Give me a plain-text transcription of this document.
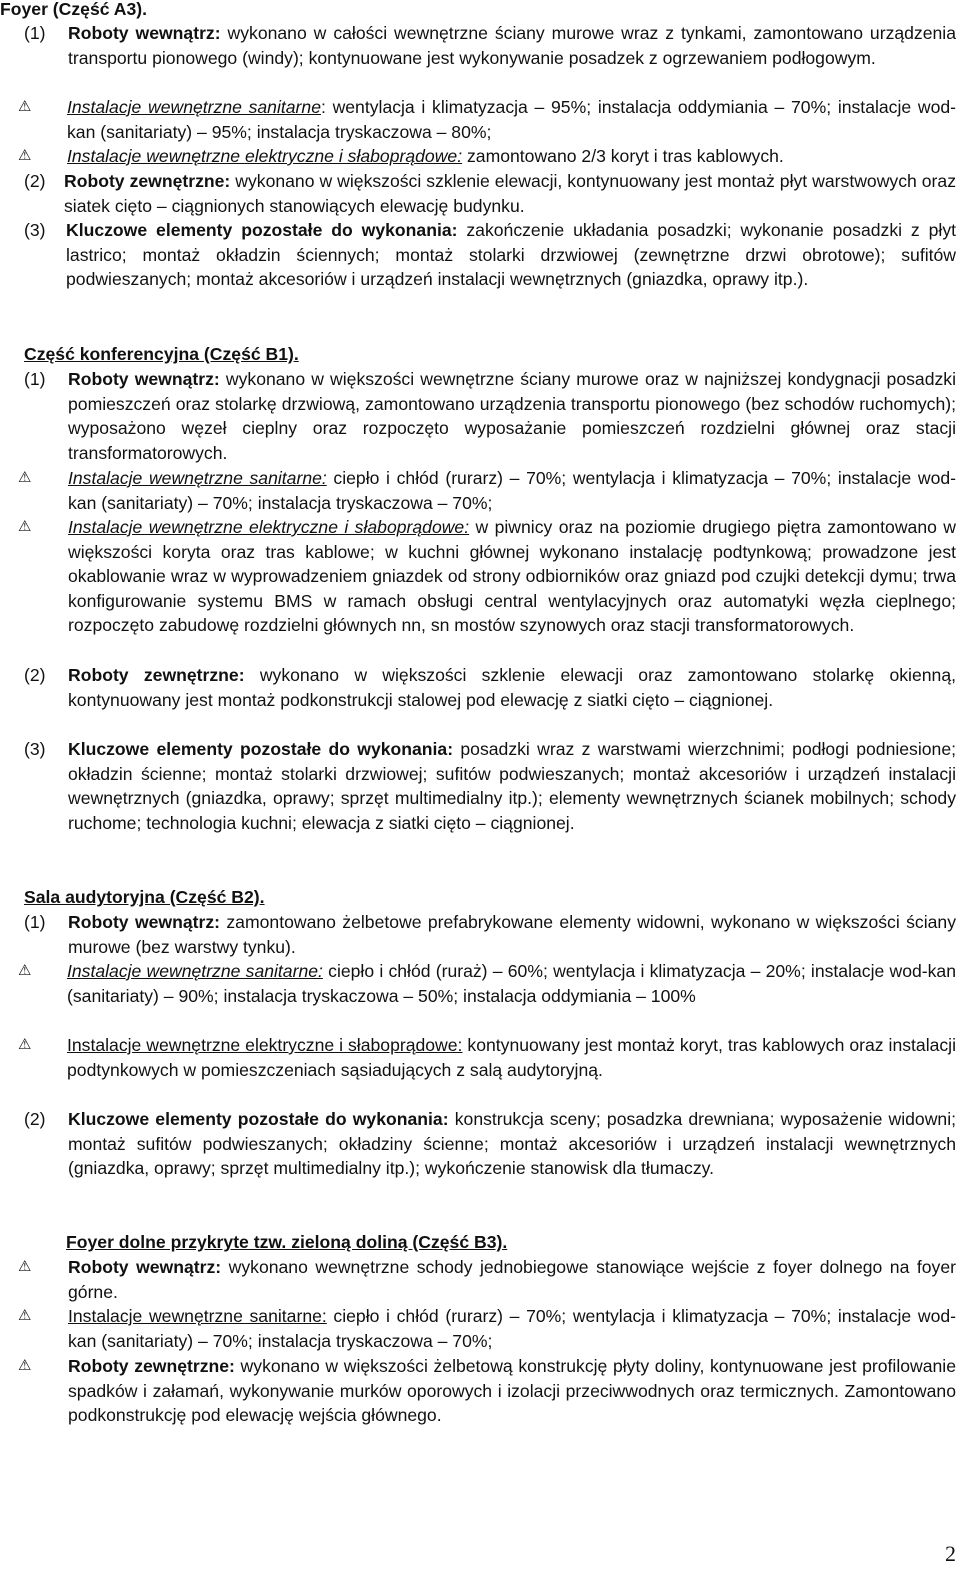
Foyer (Część A3).
(1)	Roboty wewnątrz: wykonano w całości wewnętrzne ściany murowe wraz z tynkami, zamontowano urządzenia transportu pionowego (windy); kontynuowane jest wykonywanie posadzek z ogrzewaniem podłogowym.
⚠	Instalacje wewnętrzne sanitarne: wentylacja i klimatyzacja – 95%; instalacja oddymiania – 70%; instalacje wod-kan (sanitariaty) – 95%; instalacja tryskaczowa – 80%;
⚠	Instalacje wewnętrzne elektryczne i słaboprądowe: zamontowano 2/3 koryt i tras kablowych.
(2)	Roboty zewnętrzne: wykonano w większości szklenie elewacji, kontynuowany jest montaż płyt warstwowych oraz siatek cięto – ciągnionych stanowiących elewację budynku.
(3)	Kluczowe elementy pozostałe do wykonania: zakończenie układania posadzki; wykonanie posadzki z płyt lastrico; montaż okładzin ściennych; montaż stolarki drzwiowej (zewnętrzne drzwi obrotowe); sufitów podwieszanych; montaż akcesoriów i urządzeń instalacji wewnętrznych (gniazdka, oprawy itp.).
Część konferencyjna (Część B1).
(1)	Roboty wewnątrz: wykonano w większości wewnętrzne ściany murowe oraz w najniższej kondygnacji posadzki pomieszczeń oraz stolarkę drzwiową, zamontowano urządzenia transportu pionowego (bez schodów ruchomych); wyposażono węzeł cieplny oraz rozpoczęto wyposażanie pomieszczeń rozdzielni głównej oraz stacji transformatorowych.
⚠	Instalacje wewnętrzne sanitarne: ciepło i chłód (rurarz) – 70%; wentylacja i klimatyzacja – 70%; instalacje wod-kan (sanitariaty) – 70%; instalacja tryskaczowa – 70%;
⚠	Instalacje wewnętrzne elektryczne i słaboprądowe: w piwnicy oraz na poziomie drugiego piętra zamontowano w większości koryta oraz tras kablowe; w kuchni głównej wykonano instalację podtynkową; prowadzone jest okablowanie wraz w wyprowadzeniem gniazdek od strony odbiorników oraz gniazd pod czujki detekcji dymu; trwa konfigurowanie systemu BMS w ramach obsługi central wentylacyjnych oraz automatyki węzła cieplnego; rozpoczęto zabudowę rozdzielni głównych nn, sn mostów szynowych oraz stacji transformatorowych.
(2)	Roboty zewnętrzne: wykonano w większości szklenie elewacji oraz zamontowano stolarkę okienną, kontynuowany jest montaż podkonstrukcji stalowej pod elewację z siatki cięto – ciągnionej.
(3)	Kluczowe elementy pozostałe do wykonania: posadzki wraz z warstwami wierzchnimi; podłogi podniesione; okładzin ścienne; montaż stolarki drzwiowej; sufitów podwieszanych; montaż akcesoriów i urządzeń instalacji wewnętrznych (gniazdka, oprawy; sprzęt multimedialny itp.); elementy wewnętrznych ścianek mobilnych; schody ruchome; technologia kuchni; elewacja z siatki cięto – ciągnionej.
Sala audytoryjna (Część B2).
(1)	Roboty wewnątrz: zamontowano żelbetowe prefabrykowane elementy widowni, wykonano w większości ściany murowe (bez warstwy tynku).
⚠	Instalacje wewnętrzne sanitarne: ciepło i chłód (rurаż) – 60%; wentylacja i klimatyzacja – 20%; instalacje wod-kan (sanitariaty) – 90%; instalacja tryskaczowa – 50%; instalacja oddymiania – 100%
⚠	Instalacje wewnętrzne elektryczne i słaboprądowe: kontynuowany jest montaż koryt, tras kablowych oraz instalacji podtynkowych w pomieszczeniach sąsiadujących z salą audytoryjną.
(2)	Kluczowe elementy pozostałe do wykonania: konstrukcja sceny; posadzka drewniana; wyposażenie widowni; montaż sufitów podwieszanych; okładziny ścienne; montaż akcesoriów i urządzeń instalacji wewnętrznych (gniazdka, oprawy; sprzęt multimedialny itp.); wykończenie stanowisk dla tłumaczy.
Foyer dolne przykryte tzw. zieloną doliną (Część B3).
⚠	Roboty wewnątrz: wykonano wewnętrzne schody jednobiegowe stanowiące wejście z foyer dolnego na foyer górne.
⚠	Instalacje wewnętrzne sanitarne: ciepło i chłód (rurarz) – 70%; wentylacja i klimatyzacja – 70%; instalacje wod-kan (sanitariaty) – 70%; instalacja tryskaczowa – 70%;
⚠	Roboty zewnętrzne: wykonano w większości żelbetową konstrukcję płyty doliny, kontynuowane jest profilowanie spadków i załamań, wykonywanie murków oporowych i izolacji przeciwwodnych oraz termicznych. Zamontowano podkonstrukcję pod elewację wejścia głównego.
2
